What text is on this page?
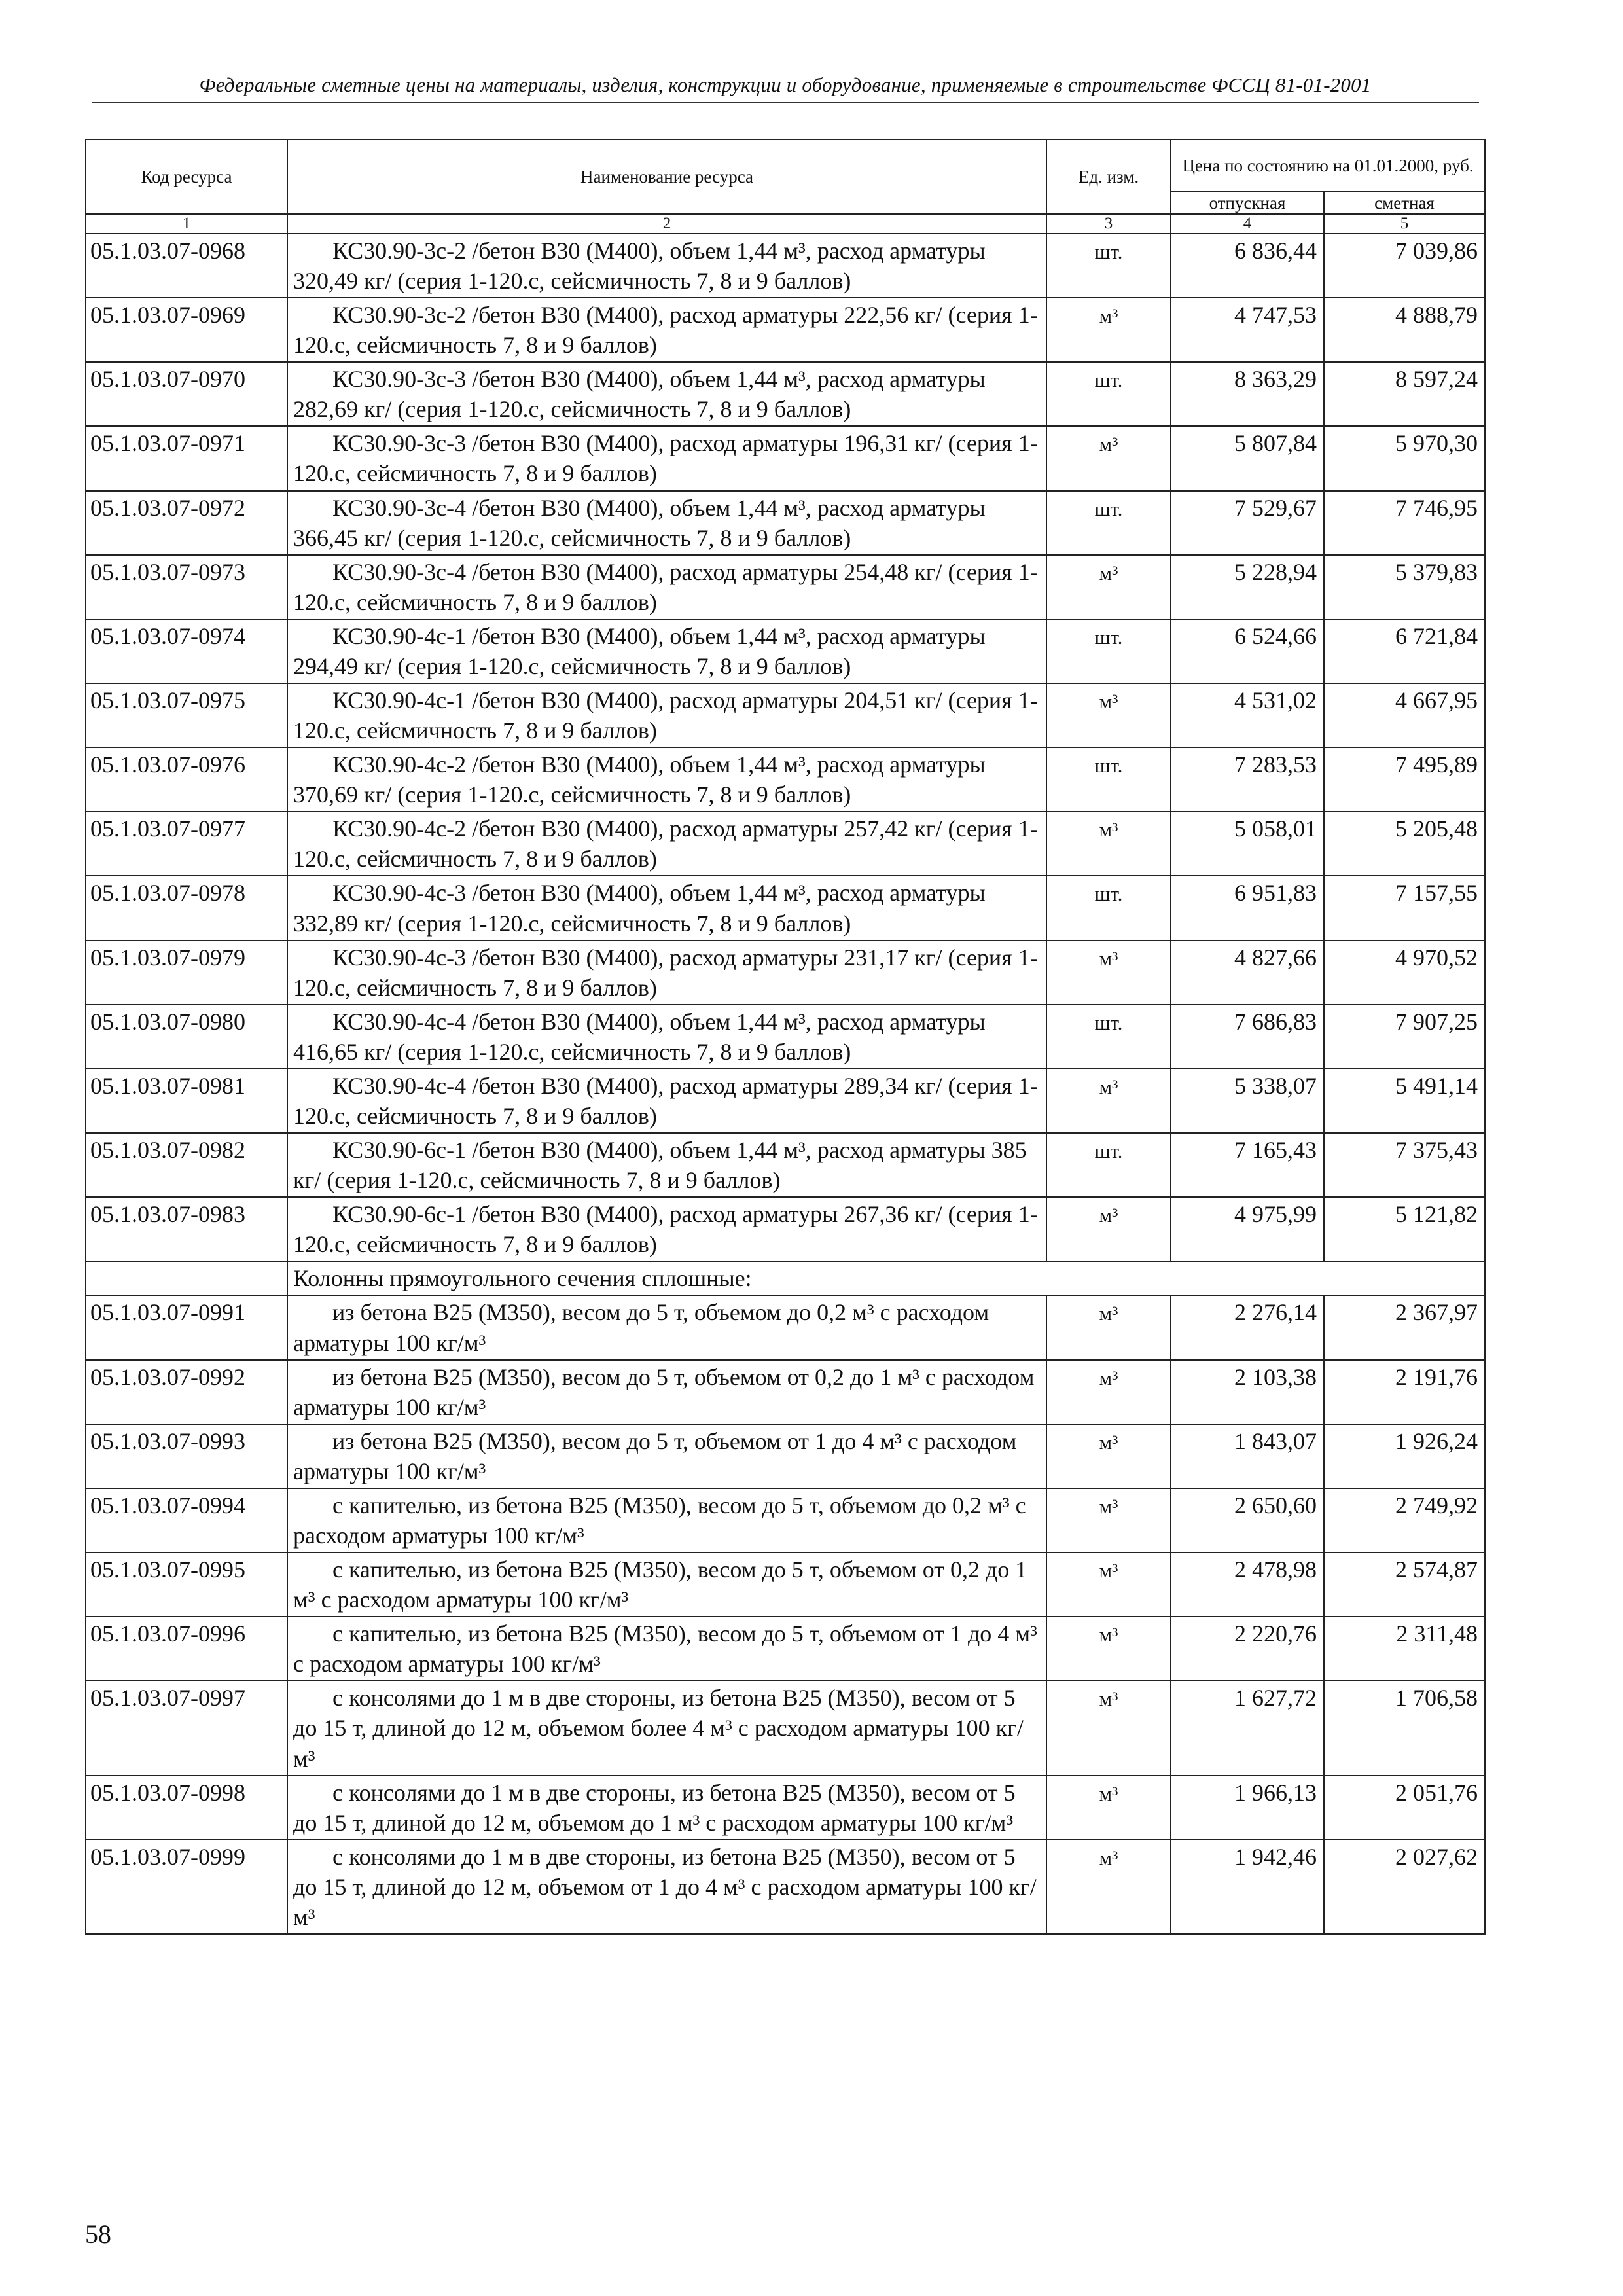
Федеральные сметные цены на материалы, изделия, конструкции и оборудование, применяемые в строительстве ФССЦ 81-01-2001
Код ресурса	Наименование ресурса	Ед. изм.	Цена по состоянию на 01.01.2000, руб.	
			отпускная	сметная
1	2	3	4	5
05.1.03.07-0968	КС30.90-3с-2 /бетон В30 (М400), объем 1,44 м³, расход арматуры 320,49 кг/ (серия 1-120.с, сейсмичность 7, 8 и 9 баллов)	шт.	6 836,44	7 039,86
05.1.03.07-0969	КС30.90-3с-2 /бетон В30 (М400), расход арматуры 222,56 кг/ (серия 1-120.с, сейсмичность 7, 8 и 9 баллов)	м³	4 747,53	4 888,79
05.1.03.07-0970	КС30.90-3с-3 /бетон В30 (М400), объем 1,44 м³, расход арматуры 282,69 кг/ (серия 1-120.с, сейсмичность 7, 8 и 9 баллов)	шт.	8 363,29	8 597,24
05.1.03.07-0971	КС30.90-3с-3 /бетон В30 (М400), расход арматуры 196,31 кг/ (серия 1-120.с, сейсмичность 7, 8 и 9 баллов)	м³	5 807,84	5 970,30
05.1.03.07-0972	КС30.90-3с-4 /бетон В30 (М400), объем 1,44 м³, расход арматуры 366,45 кг/ (серия 1-120.с, сейсмичность 7, 8 и 9 баллов)	шт.	7 529,67	7 746,95
05.1.03.07-0973	КС30.90-3с-4 /бетон В30 (М400), расход арматуры 254,48 кг/ (серия 1-120.с, сейсмичность 7, 8 и 9 баллов)	м³	5 228,94	5 379,83
05.1.03.07-0974	КС30.90-4с-1 /бетон В30 (М400), объем 1,44 м³, расход арматуры 294,49 кг/ (серия 1-120.с, сейсмичность 7, 8 и 9 баллов)	шт.	6 524,66	6 721,84
05.1.03.07-0975	КС30.90-4с-1 /бетон В30 (М400), расход арматуры 204,51 кг/ (серия 1-120.с, сейсмичность 7, 8 и 9 баллов)	м³	4 531,02	4 667,95
05.1.03.07-0976	КС30.90-4с-2 /бетон В30 (М400), объем 1,44 м³, расход арматуры 370,69 кг/ (серия 1-120.с, сейсмичность 7, 8 и 9 баллов)	шт.	7 283,53	7 495,89
05.1.03.07-0977	КС30.90-4с-2 /бетон В30 (М400), расход арматуры 257,42 кг/ (серия 1-120.с, сейсмичность 7, 8 и 9 баллов)	м³	5 058,01	5 205,48
05.1.03.07-0978	КС30.90-4с-3 /бетон В30 (М400), объем 1,44 м³, расход арматуры 332,89 кг/ (серия 1-120.с, сейсмичность 7, 8 и 9 баллов)	шт.	6 951,83	7 157,55
05.1.03.07-0979	КС30.90-4с-3 /бетон В30 (М400), расход арматуры 231,17 кг/ (серия 1-120.с, сейсмичность 7, 8 и 9 баллов)	м³	4 827,66	4 970,52
05.1.03.07-0980	КС30.90-4с-4 /бетон В30 (М400), объем 1,44 м³, расход арматуры 416,65 кг/ (серия 1-120.с, сейсмичность 7, 8 и 9 баллов)	шт.	7 686,83	7 907,25
05.1.03.07-0981	КС30.90-4с-4 /бетон В30 (М400), расход арматуры 289,34 кг/ (серия 1-120.с, сейсмичность 7, 8 и 9 баллов)	м³	5 338,07	5 491,14
05.1.03.07-0982	КС30.90-6с-1 /бетон В30 (М400), объем 1,44 м³, расход арматуры 385 кг/ (серия 1-120.с, сейсмичность 7, 8 и 9 баллов)	шт.	7 165,43	7 375,43
05.1.03.07-0983	КС30.90-6с-1 /бетон В30 (М400), расход арматуры 267,36 кг/ (серия 1-120.с, сейсмичность 7, 8 и 9 баллов)	м³	4 975,99	5 121,82
	Колонны прямоугольного сечения сплошные:			
05.1.03.07-0991	из бетона В25 (М350), весом до 5 т, объемом до 0,2 м³ с расходом арматуры 100 кг/м³	м³	2 276,14	2 367,97
05.1.03.07-0992	из бетона В25 (М350), весом до 5 т, объемом от 0,2 до 1 м³ с расходом арматуры 100 кг/м³	м³	2 103,38	2 191,76
05.1.03.07-0993	из бетона В25 (М350), весом до 5 т, объемом от 1 до 4 м³ с расходом арматуры 100 кг/м³	м³	1 843,07	1 926,24
05.1.03.07-0994	с капителью, из бетона В25 (М350), весом до 5 т, объемом до 0,2 м³ с расходом арматуры 100 кг/м³	м³	2 650,60	2 749,92
05.1.03.07-0995	с капителью, из бетона В25 (М350), весом до 5 т, объемом от 0,2 до 1 м³ с расходом арматуры 100 кг/м³	м³	2 478,98	2 574,87
05.1.03.07-0996	с капителью, из бетона В25 (М350), весом до 5 т, объемом от 1 до 4 м³ с расходом арматуры 100 кг/м³	м³	2 220,76	2 311,48
05.1.03.07-0997	с консолями до 1 м в две стороны, из бетона В25 (М350), весом от 5 до 15 т, длиной до 12 м, объемом более 4 м³ с расходом арматуры 100 кг/м³	м³	1 627,72	1 706,58
05.1.03.07-0998	с консолями до 1 м в две стороны, из бетона В25 (М350), весом от 5 до 15 т, длиной до 12 м, объемом до 1 м³ с расходом арматуры 100 кг/м³	м³	1 966,13	2 051,76
05.1.03.07-0999	с консолями до 1 м в две стороны, из бетона В25 (М350), весом от 5 до 15 т, длиной до 12 м, объемом от 1 до 4 м³ с расходом арматуры 100 кг/м³	м³	1 942,46	2 027,62
58
